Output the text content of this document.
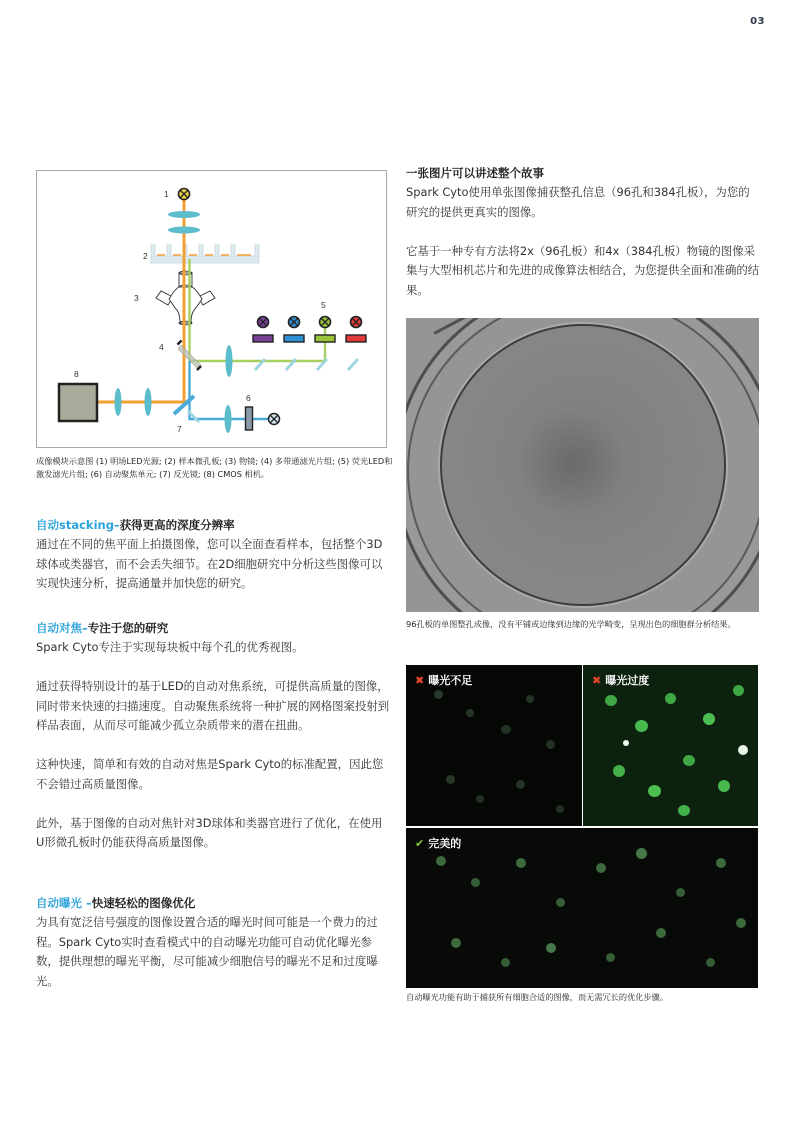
03
1
2
3
4
5
6
7
8
成像模块示意图 (1) 明场LED光源; (2) 样本微孔板; (3) 物镜; (4) 多带通滤光片组; (5) 荧光LED和激发滤光片组; (6) 自动聚焦单元; (7) 反光镜; (8) CMOS 相机。
自动stacking–获得更高的深度分辨率

通过在不同的焦平面上拍摄图像，您可以全面查看样本，包括整个3D球体或类器官，而不会丢失细节。在2D细胞研究中分析这些图像可以实现快速分析，提高通量并加快您的研究。

自动对焦–专注于您的研究

Spark Cyto专注于实现每块板中每个孔的优秀视图。

通过获得特别设计的基于LED的自动对焦系统，可提供高质量的图像，同时带来快速的扫描速度。自动聚焦系统将一种扩展的网格图案投射到样品表面，从而尽可能减少孤立杂质带来的潜在扭曲。

这种快速，简单和有效的自动对焦是Spark Cyto的标准配置，因此您不会错过高质量图像。

此外，基于图像的自动对焦针对3D球体和类器官进行了优化，在使用U形微孔板时仍能获得高质量图像。

自动曝光 –快速轻松的图像优化

为具有宽泛信号强度的图像设置合适的曝光时间可能是一个费力的过程。Spark Cyto实时查看模式中的自动曝光功能可自动优化曝光参数，提供理想的曝光平衡，尽可能减少细胞信号的曝光不足和过度曝光。

一张图片可以讲述整个故事

Spark Cyto使用单张图像捕获整孔信息（96孔和384孔板），为您的研究的提供更真实的图像。

它基于一种专有方法将2x（96孔板）和4x（384孔板）物镜的图像采集与大型相机芯片和先进的成像算法相结合，为您提供全面和准确的结果。

96孔板的单图整孔成像，没有平铺或边缘到边缘的光学畸变，呈现出色的细胞群分析结果。
✖ 曝光不足	✖ 曝光过度
✔ 完美的
自动曝光功能有助于捕获所有细胞合适的图像，而无需冗长的优化步骤。
